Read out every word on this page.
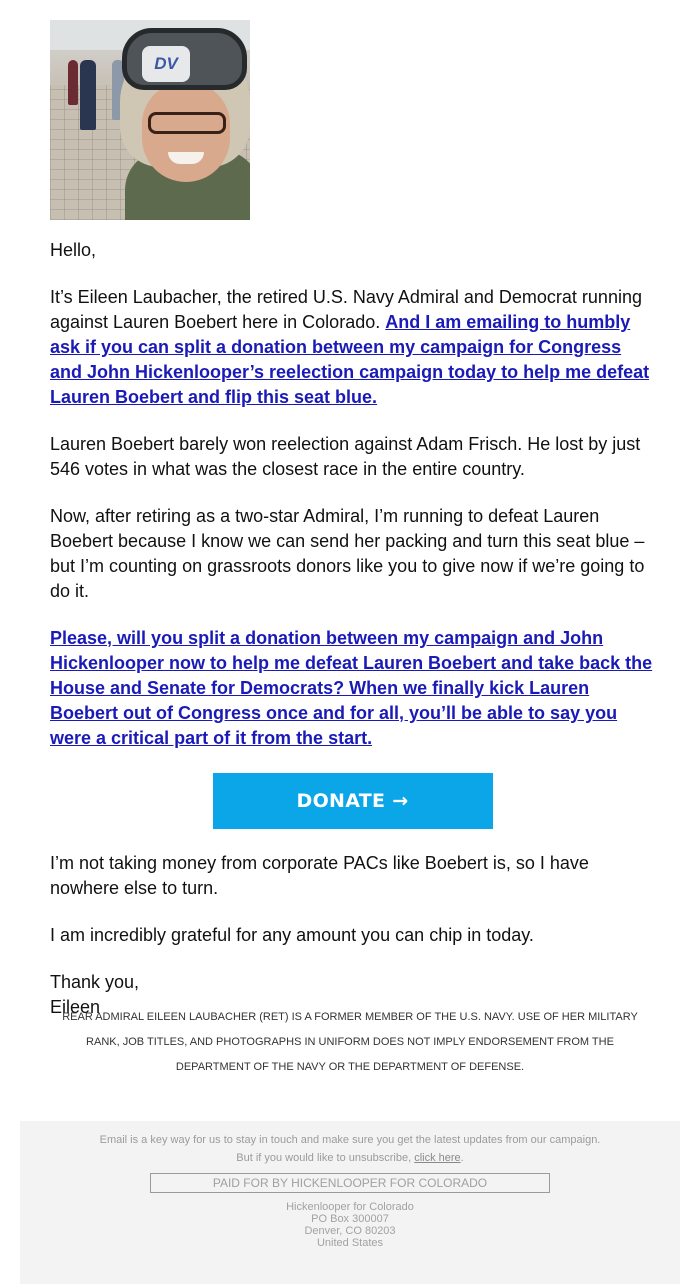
DV

Hello,

It’s Eileen Laubacher, the retired U.S. Navy Admiral and Democrat running against Lauren Boebert here in Colorado. And I am emailing to humbly ask if you can split a donation between my campaign for Congress and John Hickenlooper’s reelection campaign today to help me defeat Lauren Boebert and flip this seat blue.

Lauren Boebert barely won reelection against Adam Frisch. He lost by just 546 votes in what was the closest race in the entire country.

Now, after retiring as a two-star Admiral, I’m running to defeat Lauren Boebert because I know we can send her packing and turn this seat blue – but I’m counting on grassroots donors like you to give now if we’re going to do it.

Please, will you split a donation between my campaign and John Hickenlooper now to help me defeat Lauren Boebert and take back the House and Senate for Democrats? When we finally kick Lauren Boebert out of Congress once and for all, you’ll be able to say you were a critical part of it from the start.

DONATE →

I’m not taking money from corporate PACs like Boebert is, so I have nowhere else to turn.

I am incredibly grateful for any amount you can chip in today.

Thank you,
Eileen
REAR ADMIRAL EILEEN LAUBACHER (RET) IS A FORMER MEMBER OF THE U.S. NAVY. USE OF HER MILITARY RANK, JOB TITLES, AND PHOTOGRAPHS IN UNIFORM DOES NOT IMPLY ENDORSEMENT FROM THE DEPARTMENT OF THE NAVY OR THE DEPARTMENT OF DEFENSE.
Email is a key way for us to stay in touch and make sure you get the latest updates from our campaign.
But if you would like to unsubscribe, click here.
PAID FOR BY HICKENLOOPER FOR COLORADO
Hickenlooper for Colorado
PO Box 300007
Denver, CO 80203
United States
